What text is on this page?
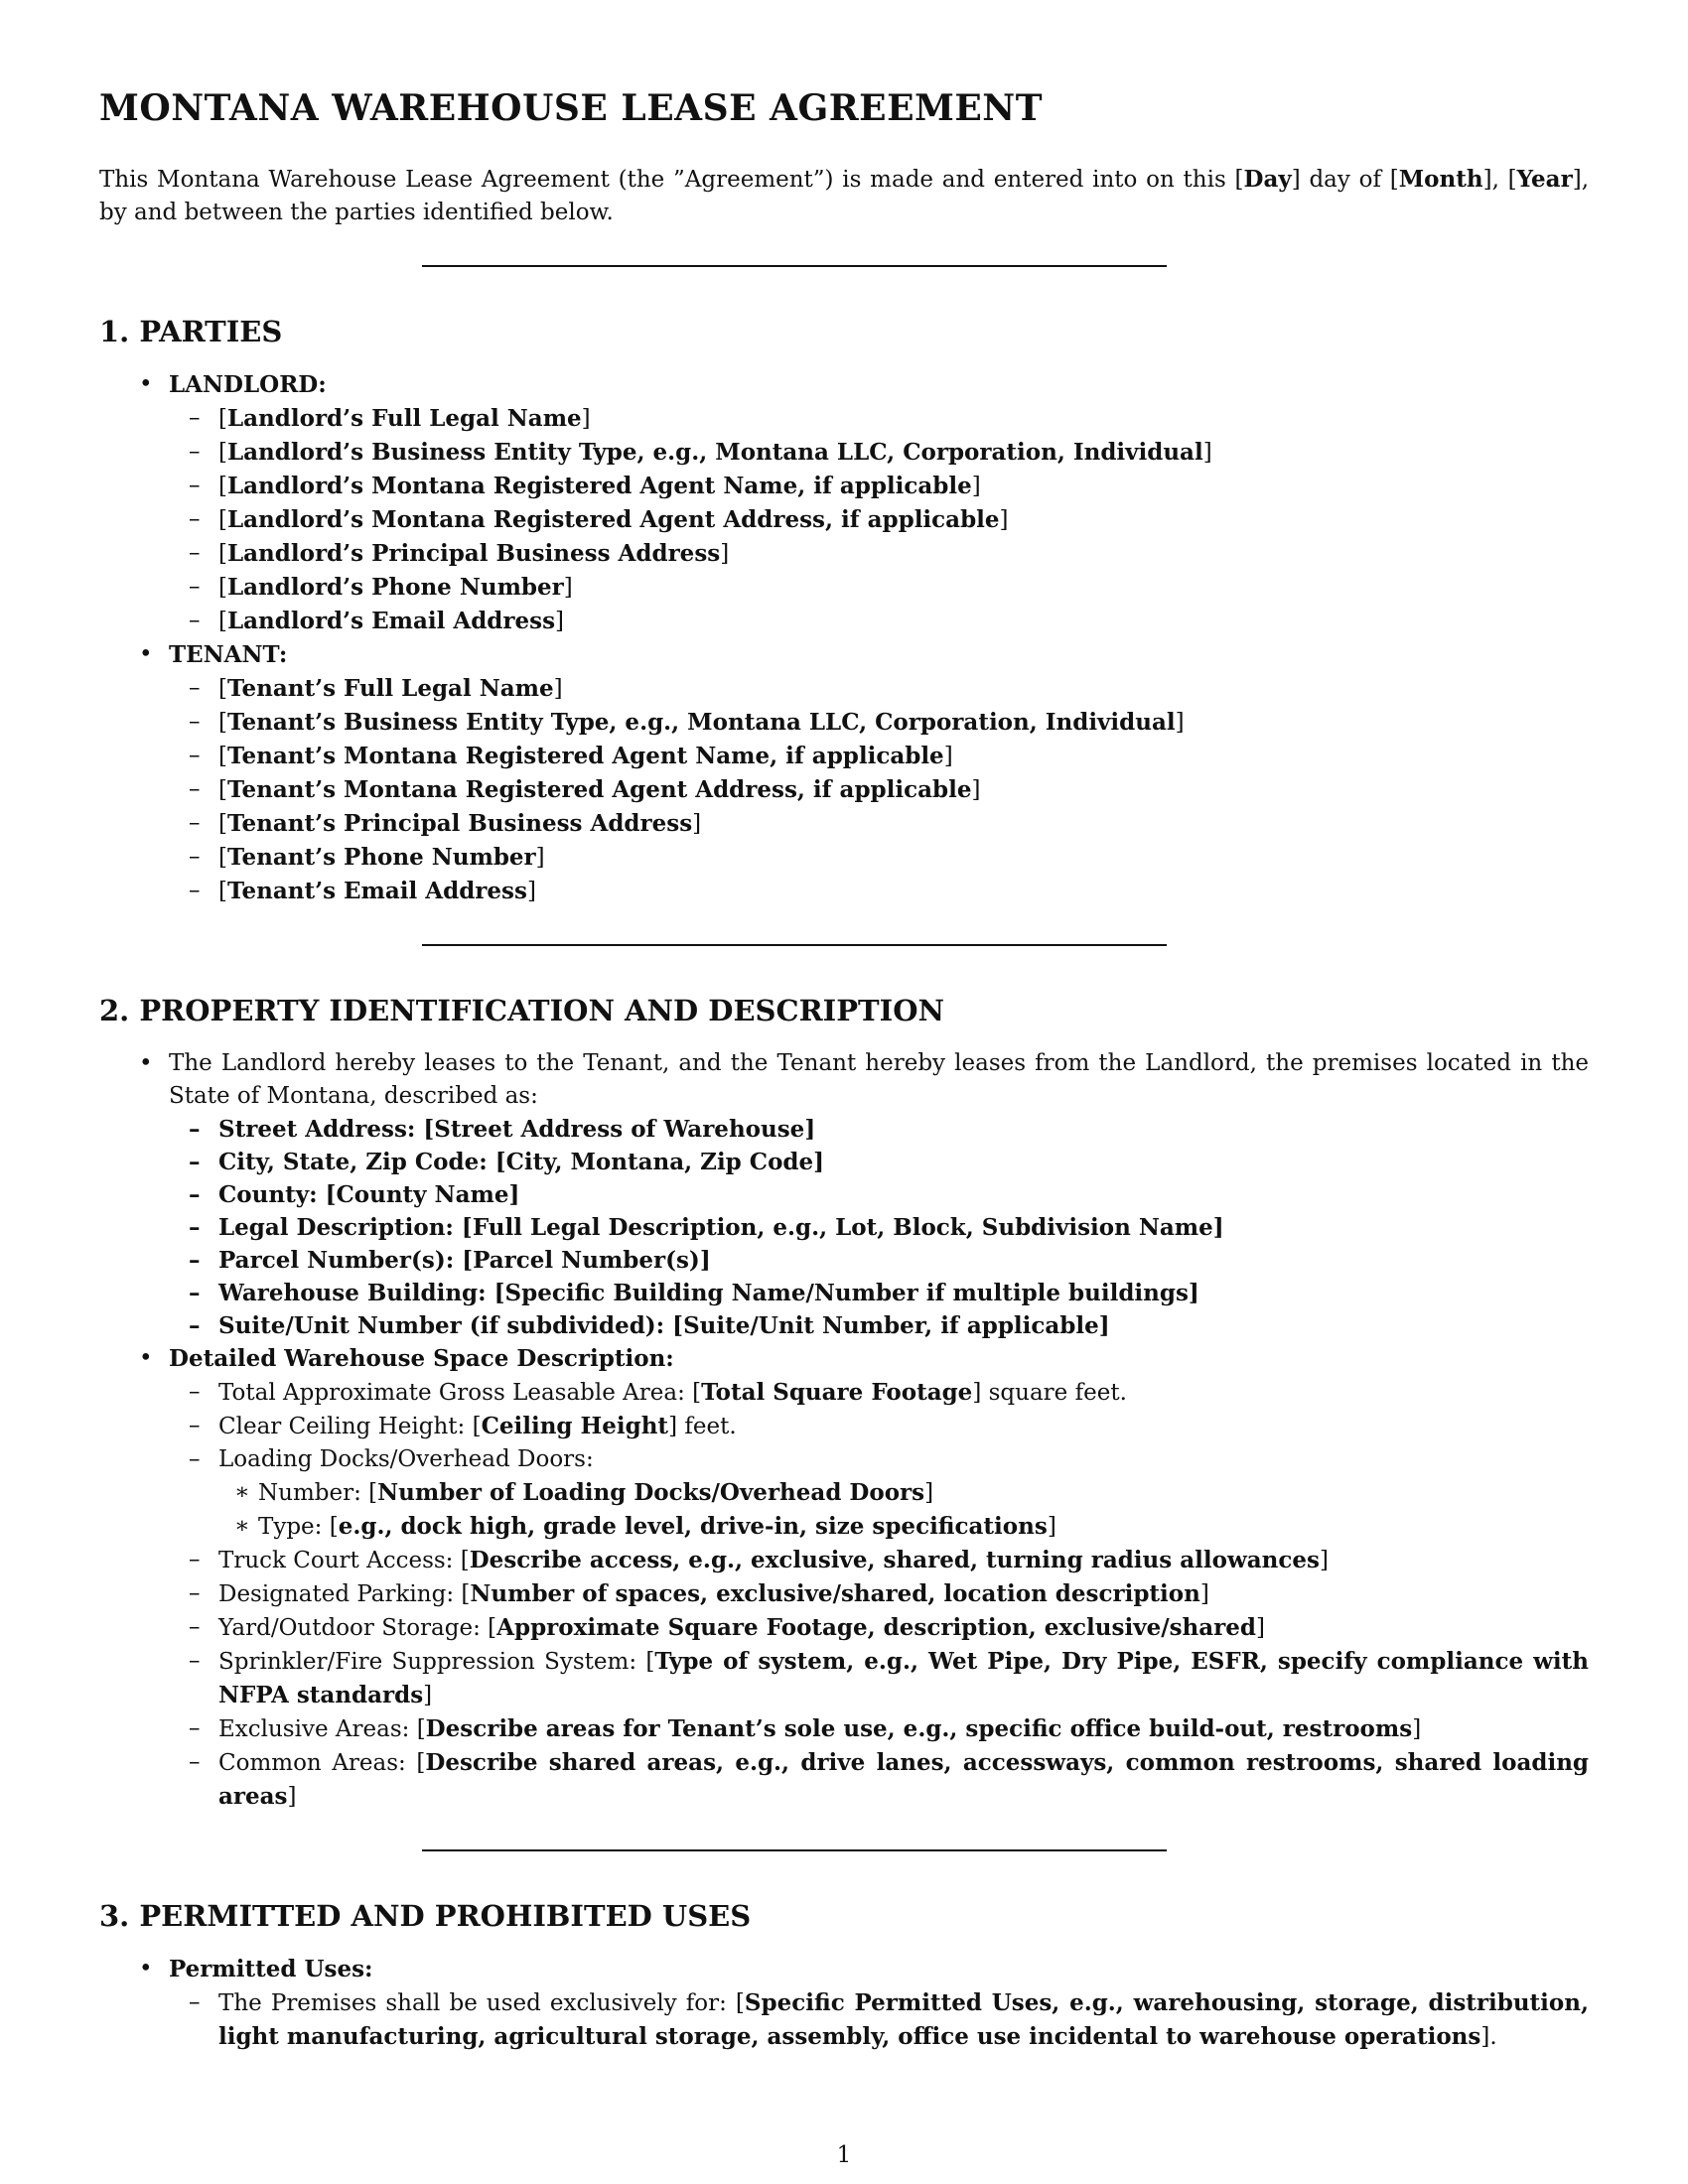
MONTANA WAREHOUSE LEASE AGREEMENT
This Montana Warehouse Lease Agreement (the ”Agreement”) is made and entered into on this [Day] day of [Month], [Year], by and between the parties identified below.
1. PARTIES
• LANDLORD:
– [Landlord’s Full Legal Name]
– [Landlord’s Business Entity Type, e.g., Montana LLC, Corporation, Individual]
– [Landlord’s Montana Registered Agent Name, if applicable]
– [Landlord’s Montana Registered Agent Address, if applicable]
– [Landlord’s Principal Business Address]
– [Landlord’s Phone Number]
– [Landlord’s Email Address]
• TENANT:
– [Tenant’s Full Legal Name]
– [Tenant’s Business Entity Type, e.g., Montana LLC, Corporation, Individual]
– [Tenant’s Montana Registered Agent Name, if applicable]
– [Tenant’s Montana Registered Agent Address, if applicable]
– [Tenant’s Principal Business Address]
– [Tenant’s Phone Number]
– [Tenant’s Email Address]
2. PROPERTY IDENTIFICATION AND DESCRIPTION
• The Landlord hereby leases to the Tenant, and the Tenant hereby leases from the Landlord, the premises located in the State of Montana, described as:
– Street Address: [Street Address of Warehouse]
– City, State, Zip Code: [City, Montana, Zip Code]
– County: [County Name]
– Legal Description: [Full Legal Description, e.g., Lot, Block, Subdivision Name]
– Parcel Number(s): [Parcel Number(s)]
– Warehouse Building: [Specific Building Name/Number if multiple buildings]
– Suite/Unit Number (if subdivided): [Suite/Unit Number, if applicable]
• Detailed Warehouse Space Description:
– Total Approximate Gross Leasable Area: [Total Square Footage] square feet.
– Clear Ceiling Height: [Ceiling Height] feet.
– Loading Docks/Overhead Doors:
∗ Number: [Number of Loading Docks/Overhead Doors]
∗ Type: [e.g., dock high, grade level, drive-in, size specifications]
– Truck Court Access: [Describe access, e.g., exclusive, shared, turning radius allowances]
– Designated Parking: [Number of spaces, exclusive/shared, location description]
– Yard/Outdoor Storage: [Approximate Square Footage, description, exclusive/shared]
– Sprinkler/Fire Suppression System: [Type of system, e.g., Wet Pipe, Dry Pipe, ESFR, specify compliance with NFPA standards]
– Exclusive Areas: [Describe areas for Tenant’s sole use, e.g., specific office build-out, restrooms]
– Common Areas: [Describe shared areas, e.g., drive lanes, accessways, common restrooms, shared loading areas]
3. PERMITTED AND PROHIBITED USES
• Permitted Uses:
– The Premises shall be used exclusively for: [Specific Permitted Uses, e.g., warehousing, storage, distribution, light manufacturing, agricultural storage, assembly, office use incidental to warehouse operations].
1
